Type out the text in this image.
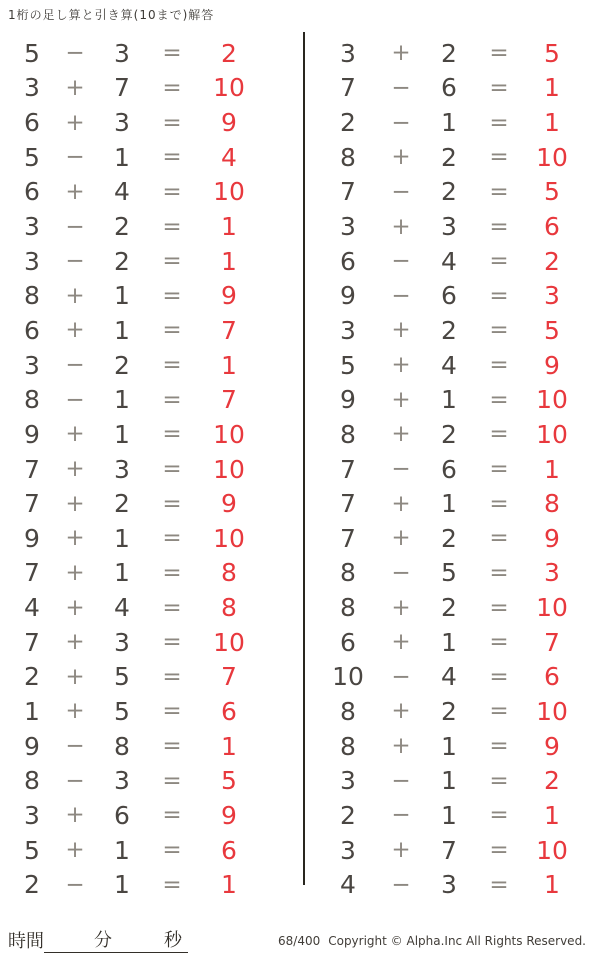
1桁の足し算と引き算(10まで)解答
5	−	3	=	2
3	+	7	=	10
6	+	3	=	9
5	−	1	=	4
6	+	4	=	10
3	−	2	=	1
3	−	2	=	1
8	+	1	=	9
6	+	1	=	7
3	−	2	=	1
8	−	1	=	7
9	+	1	=	10
7	+	3	=	10
7	+	2	=	9
9	+	1	=	10
7	+	1	=	8
4	+	4	=	8
7	+	3	=	10
2	+	5	=	7
1	+	5	=	6
9	−	8	=	1
8	−	3	=	5
3	+	6	=	9
5	+	1	=	6
2	−	1	=	1
3	+	2	=	5
7	−	6	=	1
2	−	1	=	1
8	+	2	=	10
7	−	2	=	5
3	+	3	=	6
6	−	4	=	2
9	−	6	=	3
3	+	2	=	5
5	+	4	=	9
9	+	1	=	10
8	+	2	=	10
7	−	6	=	1
7	+	1	=	8
7	+	2	=	9
8	−	5	=	3
8	+	2	=	10
6	+	1	=	7
10	−	4	=	6
8	+	2	=	10
8	+	1	=	9
3	−	1	=	2
2	−	1	=	1
3	+	7	=	10
4	−	3	=	1
時間	分	秒	68/400 Copyright © Alpha.Inc All Rights Reserved.
